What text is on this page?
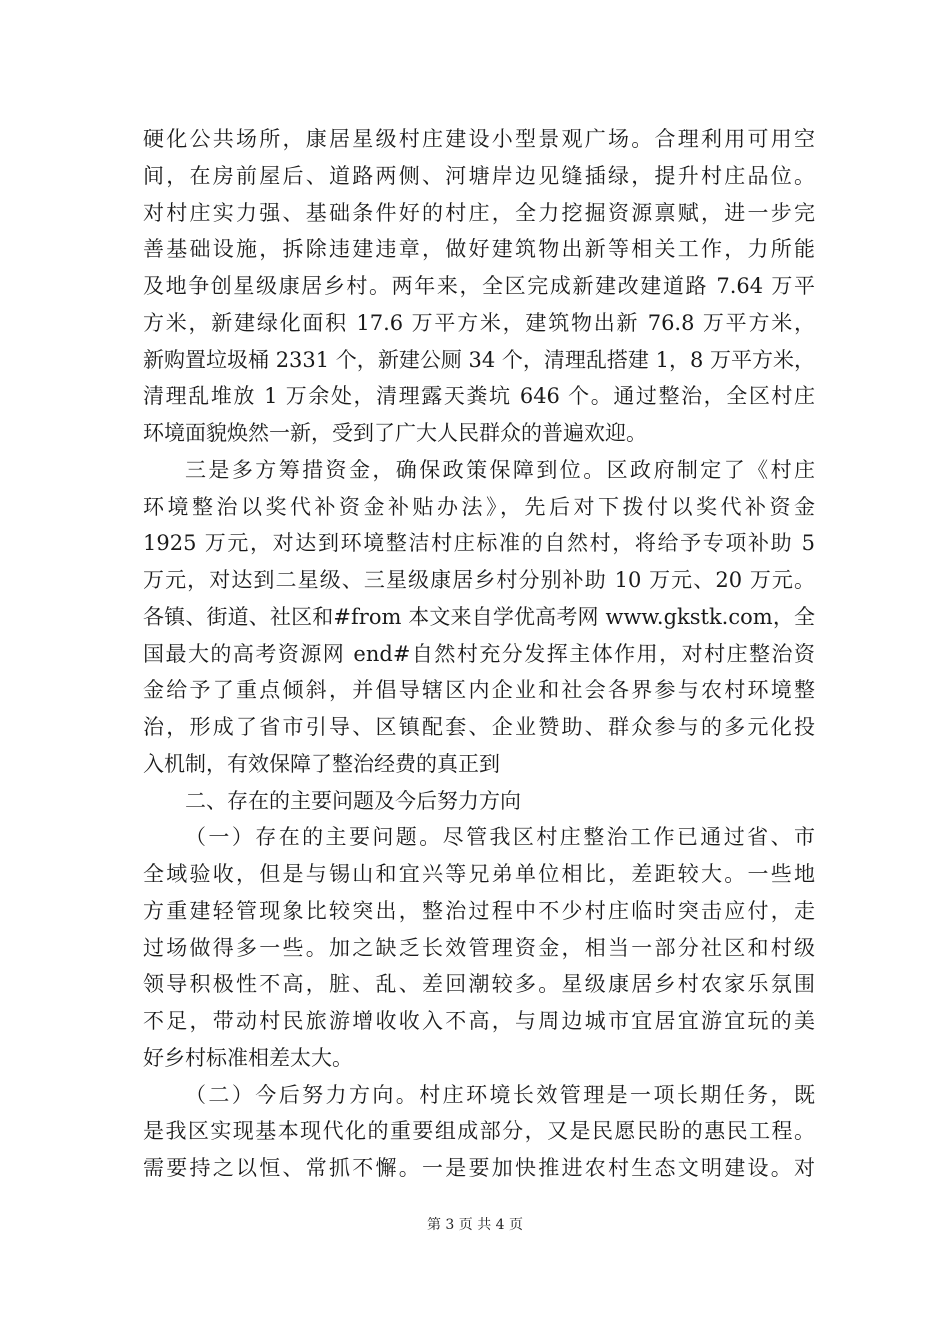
硬化公共场所，康居星级村庄建设小型景观广场。合理利用可用空
间，在房前屋后、道路两侧、河塘岸边见缝插绿，提升村庄品位。
对村庄实力强、基础条件好的村庄，全力挖掘资源禀赋，进一步完
善基础设施，拆除违建违章，做好建筑物出新等相关工作，力所能
及地争创星级康居乡村。两年来，全区完成新建改建道路 7.64 万平
方米，新建绿化面积 17.6 万平方米，建筑物出新 76.8 万平方米，
新购置垃圾桶 2331 个，新建公厕 34 个，清理乱搭建 1，8 万平方米，
清理乱堆放 1 万余处，清理露天粪坑 646 个。通过整治，全区村庄
环境面貌焕然一新，受到了广大人民群众的普遍欢迎。
三是多方筹措资金，确保政策保障到位。区政府制定了《村庄
环境整治以奖代补资金补贴办法》，先后对下拨付以奖代补资金
1925 万元，对达到环境整洁村庄标准的自然村，将给予专项补助 5
万元，对达到二星级、三星级康居乡村分别补助 10 万元、20 万元。
各镇、街道、社区和#from 本文来自学优高考网 www.gkstk.com，全
国最大的高考资源网 end#自然村充分发挥主体作用，对村庄整治资
金给予了重点倾斜，并倡导辖区内企业和社会各界参与农村环境整
治，形成了省市引导、区镇配套、企业赞助、群众参与的多元化投
入机制，有效保障了整治经费的真正到
二、存在的主要问题及今后努力方向
（一）存在的主要问题。尽管我区村庄整治工作已通过省、市
全域验收，但是与锡山和宜兴等兄弟单位相比，差距较大。一些地
方重建轻管现象比较突出，整治过程中不少村庄临时突击应付，走
过场做得多一些。加之缺乏长效管理资金，相当一部分社区和村级
领导积极性不高，脏、乱、差回潮较多。星级康居乡村农家乐氛围
不足，带动村民旅游增收收入不高，与周边城市宜居宜游宜玩的美
好乡村标准相差太大。
（二）今后努力方向。村庄环境长效管理是一项长期任务，既
是我区实现基本现代化的重要组成部分，又是民愿民盼的惠民工程。
需要持之以恒、常抓不懈。一是要加快推进农村生态文明建设。对
第 3 页 共 4 页
